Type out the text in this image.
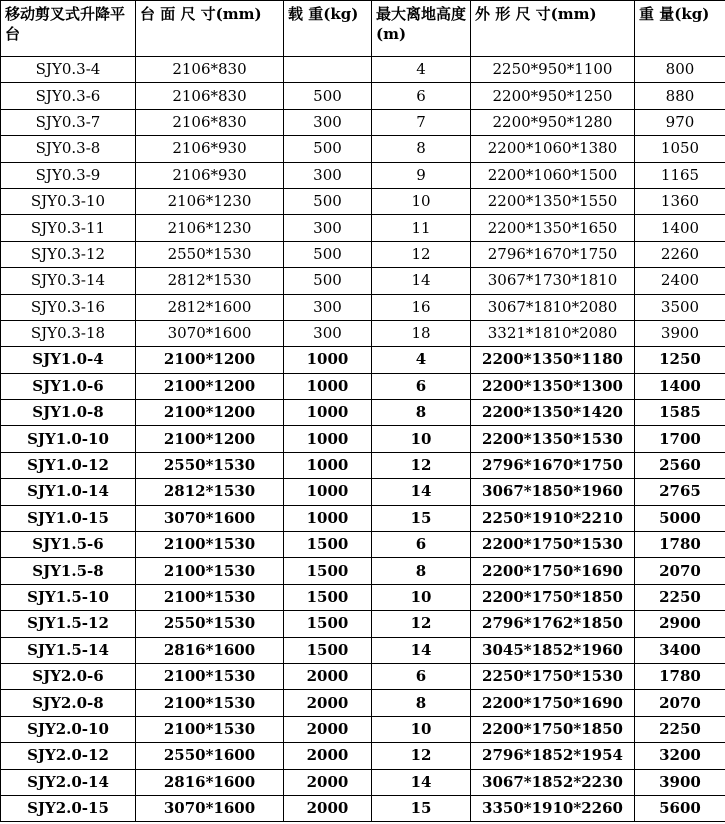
移动剪叉式升降平台	台 面 尺 寸(mm)	载 重(kg)	最大离地高度(m)	外 形 尺 寸(mm)	重 量(kg)
SJY0.3-4	2106*830		4	2250*950*1100	800
SJY0.3-6	2106*830	500	6	2200*950*1250	880
SJY0.3-7	2106*830	300	7	2200*950*1280	970
SJY0.3-8	2106*930	500	8	2200*1060*1380	1050
SJY0.3-9	2106*930	300	9	2200*1060*1500	1165
SJY0.3-10	2106*1230	500	10	2200*1350*1550	1360
SJY0.3-11	2106*1230	300	11	2200*1350*1650	1400
SJY0.3-12	2550*1530	500	12	2796*1670*1750	2260
SJY0.3-14	2812*1530	500	14	3067*1730*1810	2400
SJY0.3-16	2812*1600	300	16	3067*1810*2080	3500
SJY0.3-18	3070*1600	300	18	3321*1810*2080	3900
SJY1.0-4	2100*1200	1000	4	2200*1350*1180	1250
SJY1.0-6	2100*1200	1000	6	2200*1350*1300	1400
SJY1.0-8	2100*1200	1000	8	2200*1350*1420	1585
SJY1.0-10	2100*1200	1000	10	2200*1350*1530	1700
SJY1.0-12	2550*1530	1000	12	2796*1670*1750	2560
SJY1.0-14	2812*1530	1000	14	3067*1850*1960	2765
SJY1.0-15	3070*1600	1000	15	2250*1910*2210	5000
SJY1.5-6	2100*1530	1500	6	2200*1750*1530	1780
SJY1.5-8	2100*1530	1500	8	2200*1750*1690	2070
SJY1.5-10	2100*1530	1500	10	2200*1750*1850	2250
SJY1.5-12	2550*1530	1500	12	2796*1762*1850	2900
SJY1.5-14	2816*1600	1500	14	3045*1852*1960	3400
SJY2.0-6	2100*1530	2000	6	2250*1750*1530	1780
SJY2.0-8	2100*1530	2000	8	2200*1750*1690	2070
SJY2.0-10	2100*1530	2000	10	2200*1750*1850	2250
SJY2.0-12	2550*1600	2000	12	2796*1852*1954	3200
SJY2.0-14	2816*1600	2000	14	3067*1852*2230	3900
SJY2.0-15	3070*1600	2000	15	3350*1910*2260	5600
